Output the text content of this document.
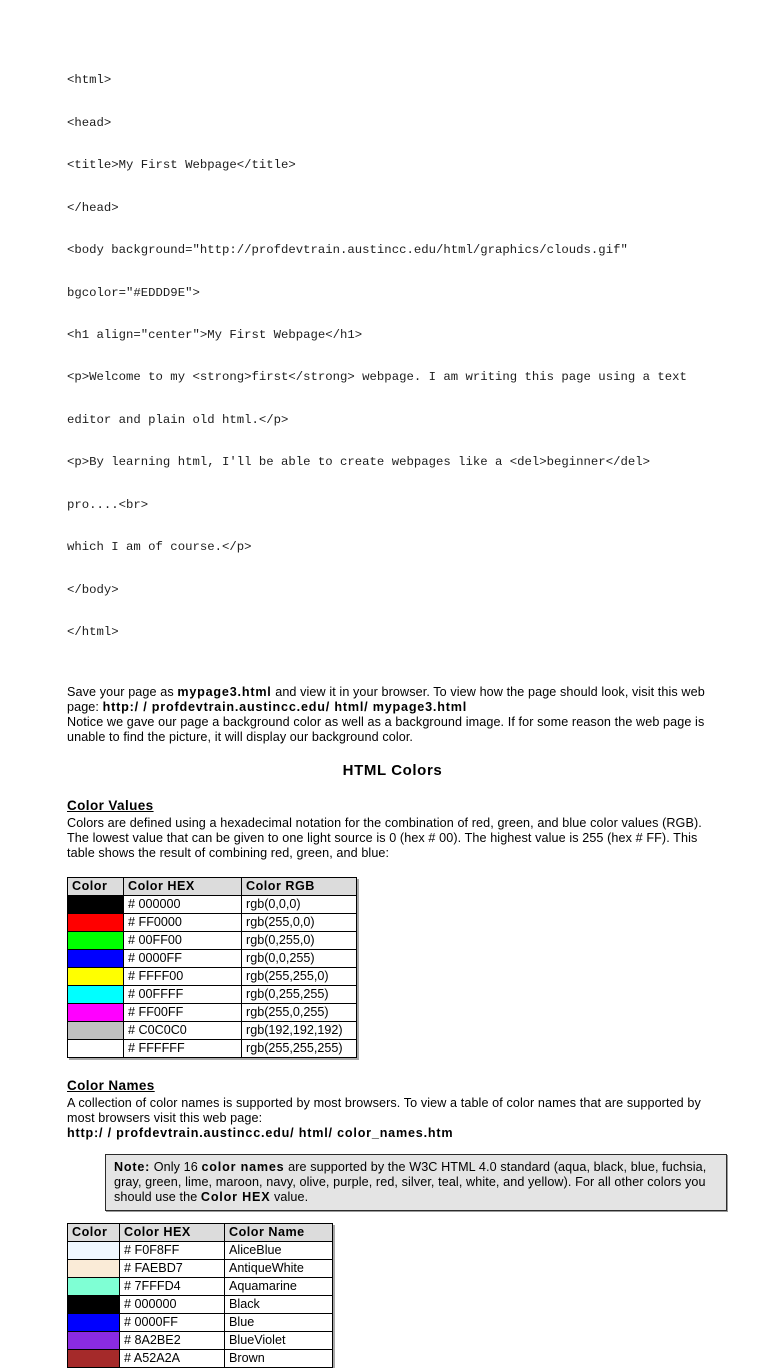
<html>

<head>

<title>My First Webpage</title>

</head>

<body background="http://profdevtrain.austincc.edu/html/graphics/clouds.gif"

bgcolor="#EDDD9E">

<h1 align="center">My First Webpage</h1>

<p>Welcome to my <strong>first</strong> webpage. I am writing this page using a text

editor and plain old html.</p>

<p>By learning html, I'll be able to create webpages like a <del>beginner</del>

pro....<br>

which I am of course.</p>

</body>

</html>

Save your page as mypage3.html and view it in your browser. To view how the page should look, visit this web page: http:/ / profdevtrain.austincc.edu/ html/ mypage3.html
Notice we gave our page a background color as well as a background image. If for some reason the web page is unable to find the picture, it will display our background color.

HTML Colors
Color Values

Colors are defined using a hexadecimal notation for the combination of red, green, and blue color values (RGB). The lowest value that can be given to one light source is 0 (hex # 00). The highest value is 255 (hex # FF). This table shows the result of combining red, green, and blue:

Color	Color HEX	Color RGB
	# 000000	rgb(0,0,0)
	# FF0000	rgb(255,0,0)
	# 00FF00	rgb(0,255,0)
	# 0000FF	rgb(0,0,255)
	# FFFF00	rgb(255,255,0)
	# 00FFFF	rgb(0,255,255)
	# FF00FF	rgb(255,0,255)
	# C0C0C0	rgb(192,192,192)
	# FFFFFF	rgb(255,255,255)
Color Names

A collection of color names is supported by most browsers. To view a table of color names that are supported by most browsers visit this web page:
http:/ / profdevtrain.austincc.edu/ html/ color_names.htm

Note: Only 16 color names are supported by the W3C HTML 4.0 standard (aqua, black, blue, fuchsia, gray, green, lime, maroon, navy, olive, purple, red, silver, teal, white, and yellow). For all other colors you should use the Color HEX value.
Color	Color HEX	Color Name
	# F0F8FF	AliceBlue
	# FAEBD7	AntiqueWhite
	# 7FFFD4	Aquamarine
	# 000000	Black
	# 0000FF	Blue
	# 8A2BE2	BlueViolet
	# A52A2A	Brown
